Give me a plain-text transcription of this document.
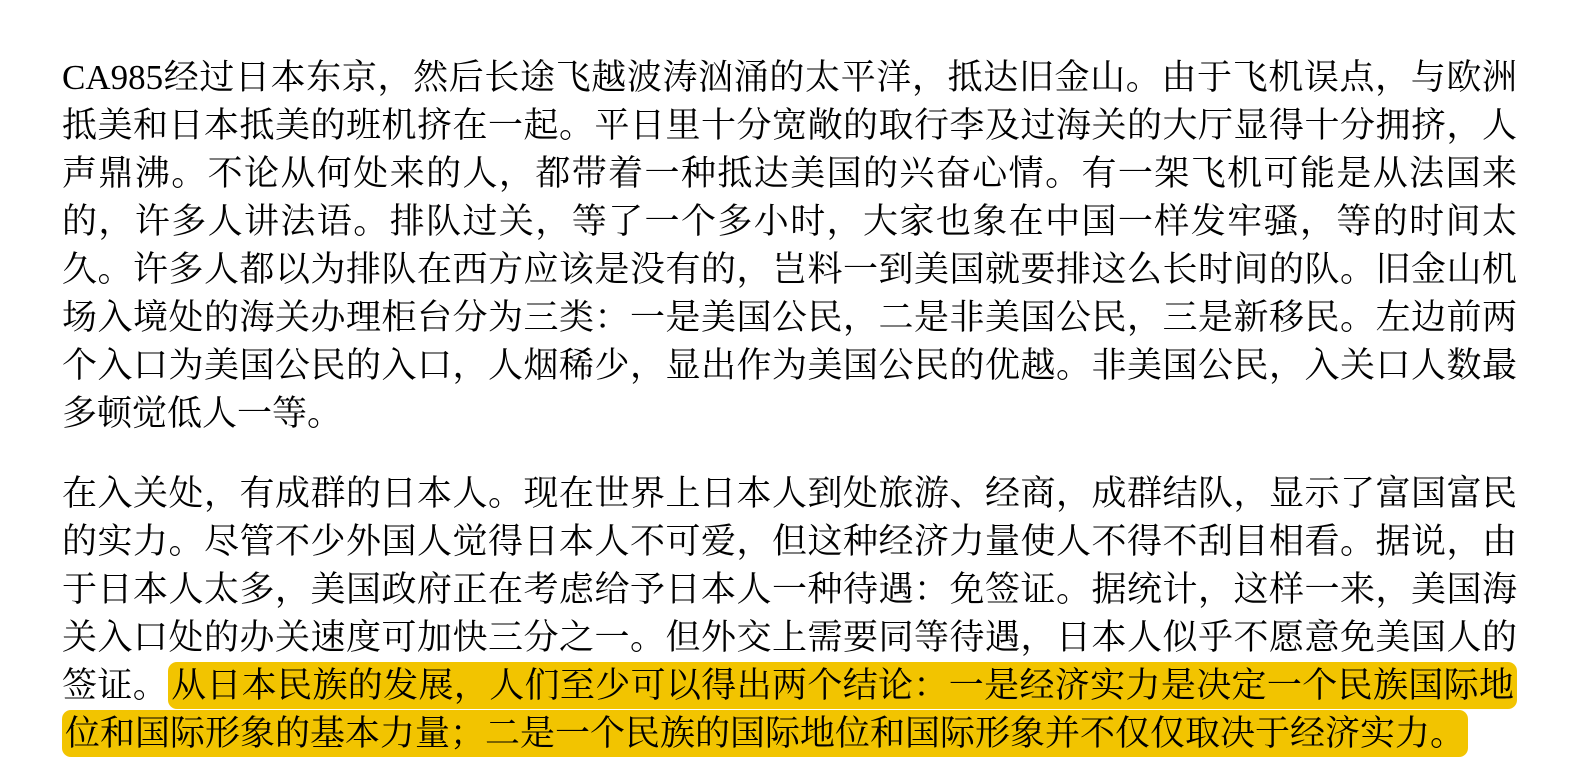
CA985经过日本东京，然后长途飞越波涛汹涌的太平洋，抵达旧金山。由于飞机误点，与欧洲抵美和日本抵美的班机挤在一起。平日里十分宽敞的取行李及过海关的大厅显得十分拥挤，人声鼎沸。不论从何处来的人，都带着一种抵达美国的兴奋心情。有一架飞机可能是从法国来的，许多人讲法语。排队过关，等了一个多小时，大家也象在中国一样发牢骚，等的时间太久。许多人都以为排队在西方应该是没有的，岂料一到美国就要排这么长时间的队。旧金山机场入境处的海关办理柜台分为三类：一是美国公民，二是非美国公民，三是新移民。左边前两个入口为美国公民的入口，人烟稀少，显出作为美国公民的优越。非美国公民，入关口人数最多顿觉低人一等。

在入关处，有成群的日本人。现在世界上日本人到处旅游、经商，成群结队，显示了富国富民的实力。尽管不少外国人觉得日本人不可爱，但这种经济力量使人不得不刮目相看。据说，由于日本人太多，美国政府正在考虑给予日本人一种待遇：免签证。据统计，这样一来，美国海关入口处的办关速度可加快三分之一。但外交上需要同等待遇，日本人似乎不愿意免美国人的签证。从日本民族的发展，人们至少可以得出两个结论：一是经济实力是决定一个民族国际地位和国际形象的基本力量；二是一个民族的国际地位和国际形象并不仅仅取决于经济实力。
